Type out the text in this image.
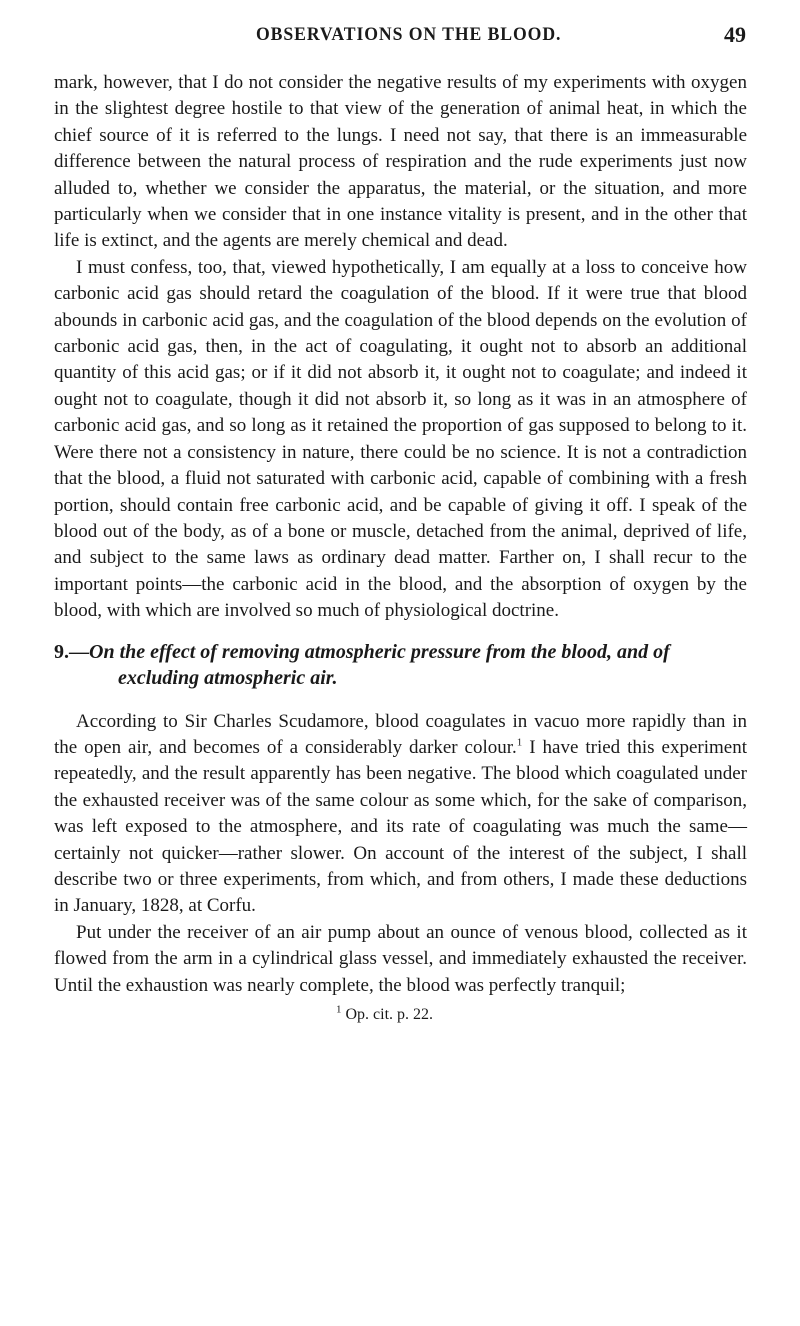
OBSERVATIONS ON THE BLOOD.	49

mark, however, that I do not consider the negative results of my experiments with oxygen in the slightest degree hostile to that view of the generation of animal heat, in which the chief source of it is referred to the lungs. I need not say, that there is an immeasurable difference between the natural process of respiration and the rude experiments just now alluded to, whether we consider the apparatus, the material, or the situation, and more particularly when we consider that in one instance vitality is present, and in the other that life is extinct, and the agents are merely chemical and dead.

I must confess, too, that, viewed hypothetically, I am equally at a loss to conceive how carbonic acid gas should retard the coagulation of the blood. If it were true that blood abounds in carbonic acid gas, and the coagulation of the blood depends on the evolution of carbonic acid gas, then, in the act of coagulating, it ought not to absorb an additional quantity of this acid gas; or if it did not absorb it, it ought not to coagulate; and indeed it ought not to coagulate, though it did not absorb it, so long as it was in an atmosphere of carbonic acid gas, and so long as it retained the proportion of gas supposed to belong to it. Were there not a consistency in nature, there could be no science. It is not a contradiction that the blood, a fluid not saturated with carbonic acid, capable of combining with a fresh portion, should contain free carbonic acid, and be capable of giving it off. I speak of the blood out of the body, as of a bone or muscle, detached from the animal, deprived of life, and subject to the same laws as ordinary dead matter. Farther on, I shall recur to the important points—the carbonic acid in the blood, and the absorption of oxygen by the blood, with which are involved so much of physiological doctrine.

9.—On the effect of removing atmospheric pressure from the blood, and of excluding atmospheric air.

According to Sir Charles Scudamore, blood coagulates in vacuo more rapidly than in the open air, and becomes of a considerably darker colour.$^1$ I have tried this experiment repeatedly, and the result apparently has been negative. The blood which coagulated under the exhausted receiver was of the same colour as some which, for the sake of comparison, was left exposed to the atmosphere, and its rate of coagulating was much the same—certainly not quicker—rather slower. On account of the interest of the subject, I shall describe two or three experiments, from which, and from others, I made these deductions in January, 1828, at Corfu.

Put under the receiver of an air pump about an ounce of venous blood, collected as it flowed from the arm in a cylindrical glass vessel, and immediately exhausted the receiver. Until the exhaustion was nearly complete, the blood was perfectly tranquil;

$^1$ Op. cit. p. 22.
